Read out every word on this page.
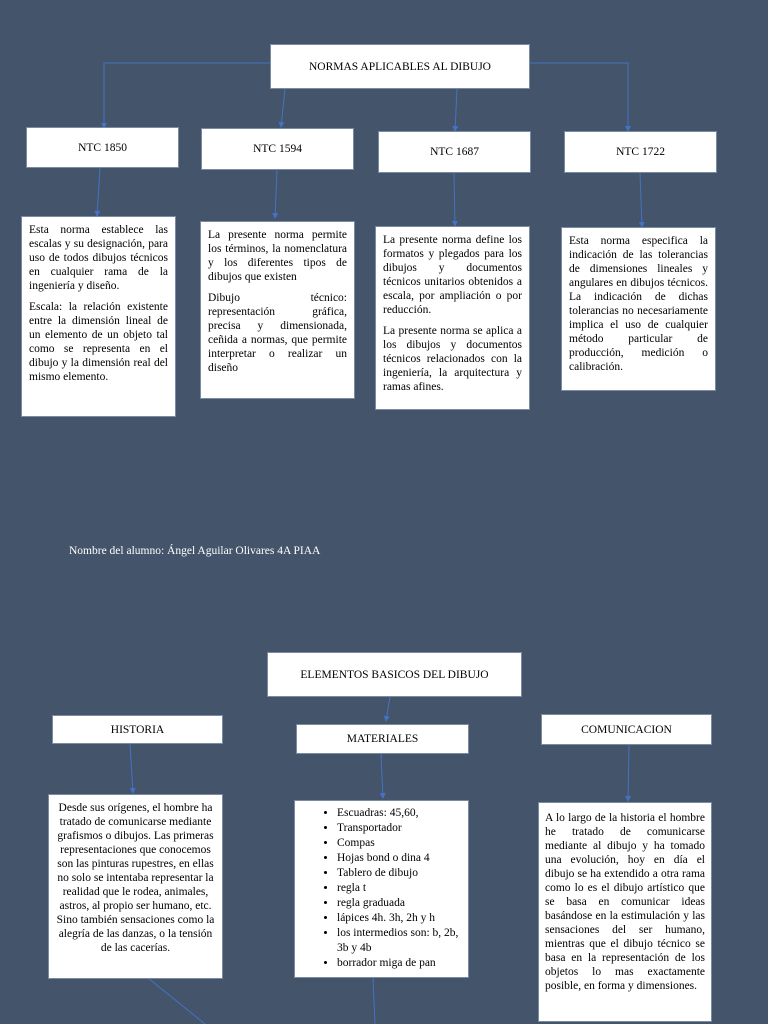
NORMAS APLICABLES AL DIBUJO
NTC 1850	NTC 1594	NTC 1687	NTC 1722

Esta norma establece las escalas y su designación, para uso de todos dibujos técnicos en cualquier rama de la ingeniería y diseño.

Escala: la relación existente entre la dimensión lineal de un elemento de un objeto tal como se representa en el dibujo y la dimensión real del mismo elemento.

La presente norma permite los términos, la nomenclatura y los diferentes tipos de dibujos que existen

Dibujo técnico: representación gráfica, precisa y dimensionada, ceñida a normas, que permite interpretar o realizar un diseño

La presente norma define los formatos y plegados para los dibujos y documentos técnicos unitarios obtenidos a escala, por ampliación o por reducción.

La presente norma se aplica a los dibujos y documentos técnicos relacionados con la ingeniería, la arquitectura y ramas afines.

Esta norma especifica la indicación de las tolerancias de dimensiones lineales y angulares en dibujos técnicos. La indicación de dichas tolerancias no necesariamente implica el uso de cualquier método particular de producción, medición o calibración.

Nombre del alumno: Ángel Aguilar Olivares 4A PIAA
ELEMENTOS BASICOS DEL DIBUJO
HISTORIA
MATERIALES
COMUNICACION

Desde sus orígenes, el hombre ha tratado de comunicarse mediante grafismos o dibujos. Las primeras representaciones que conocemos son las pinturas rupestres, en ellas no solo se intentaba representar la realidad que le rodea, animales, astros, al propio ser humano, etc. Sino también sensaciones como la alegría de las danzas, o la tensión de las cacerías.

• Escuadras: 45,60,
• Transportador
• Compas
• Hojas bond o dina 4
• Tablero de dibujo
• regla t
• regla graduada
• lápices 4h. 3h, 2h y h
• los intermedios son: b, 2b, 3b y 4b
• borrador miga de pan

A lo largo de la historia el hombre he tratado de comunicarse mediante al dibujo y ha tomado una evolución, hoy en día el dibujo se ha extendido a otra rama como lo es el dibujo artístico que se basa en comunicar ideas basándose en la estimulación y las sensaciones del ser humano, mientras que el dibujo técnico se basa en la representación de los objetos lo mas exactamente posible, en forma y dimensiones.
